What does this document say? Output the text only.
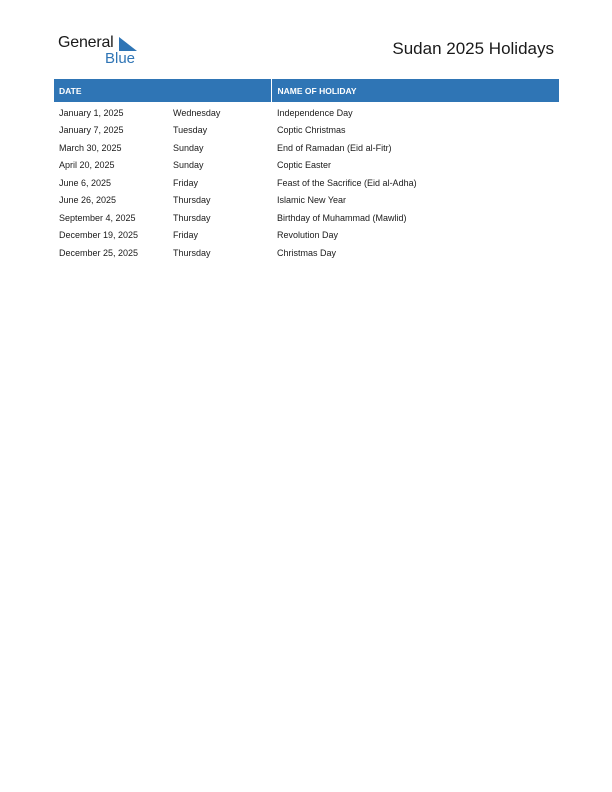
General
Blue
Sudan 2025 Holidays
DATE		NAME OF HOLIDAY
January 1, 2025	Wednesday	Independence Day
January 7, 2025	Tuesday	Coptic Christmas
March 30, 2025	Sunday	End of Ramadan (Eid al-Fitr)
April 20, 2025	Sunday	Coptic Easter
June 6, 2025	Friday	Feast of the Sacrifice (Eid al-Adha)
June 26, 2025	Thursday	Islamic New Year
September 4, 2025	Thursday	Birthday of Muhammad (Mawlid)
December 19, 2025	Friday	Revolution Day
December 25, 2025	Thursday	Christmas Day
